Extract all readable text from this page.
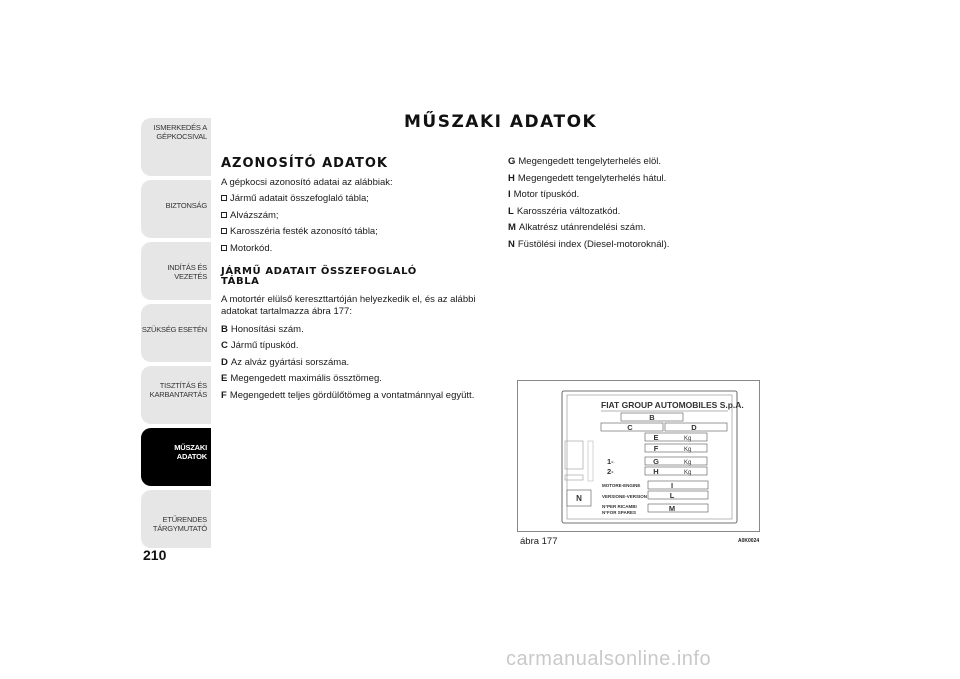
ISMERKEDÉS A
GÉPKOCSIVAL
BIZTONSÁG
INDÍTÁS ÉS VEZETÉS
SZÜKSÉG ESETÉN
TISZTÍTÁS ÉS
KARBANTARTÁS
MŰSZAKI
ADATOK
ETŰRENDES
TÁRGYMUTATÓ
210
MŰSZAKI ADATOK
AZONOSÍTÓ ADATOK
A gépkocsi azonosító adatai az alábbiak:
Jármű adatait összefoglaló tábla;
Alvázszám;
Karosszéria festék azonosító tábla;
Motorkód.
JÁRMŰ ADATAIT ÖSSZEFOGLALÓ
TÁBLA
A motortér elülső kereszttartóján helyezkedik el, és az alábbi adatokat tartalmazza ábra 177:
B Honosítási szám.
C Jármű típuskód.
D Az alváz gyártási sorszáma.
E Megengedett maximális össztömeg.
F Megengedett teljes gördülőtömeg a vontatmánnyal együtt.
G Megengedett tengelyterhelés elöl.
H Megengedett tengelyterhelés hátul.
I Motor típuskód.
L Karosszéria változatkód.
M Alkatrész utánrendelési szám.
N Füstölési index (Diesel-motoroknál).
FIAT GROUP AUTOMOBILES S.p.A.
B
C	D
E	Kg
F	Kg
1-	G	Kg
2-	H	Kg
MOTORE-ENGINE	I
N	VERSIONE-VERSION	L
N°PER RICAMBI
N°FOR SPARES	M
ábra 177	A0K0024
carmanualsonline.info
